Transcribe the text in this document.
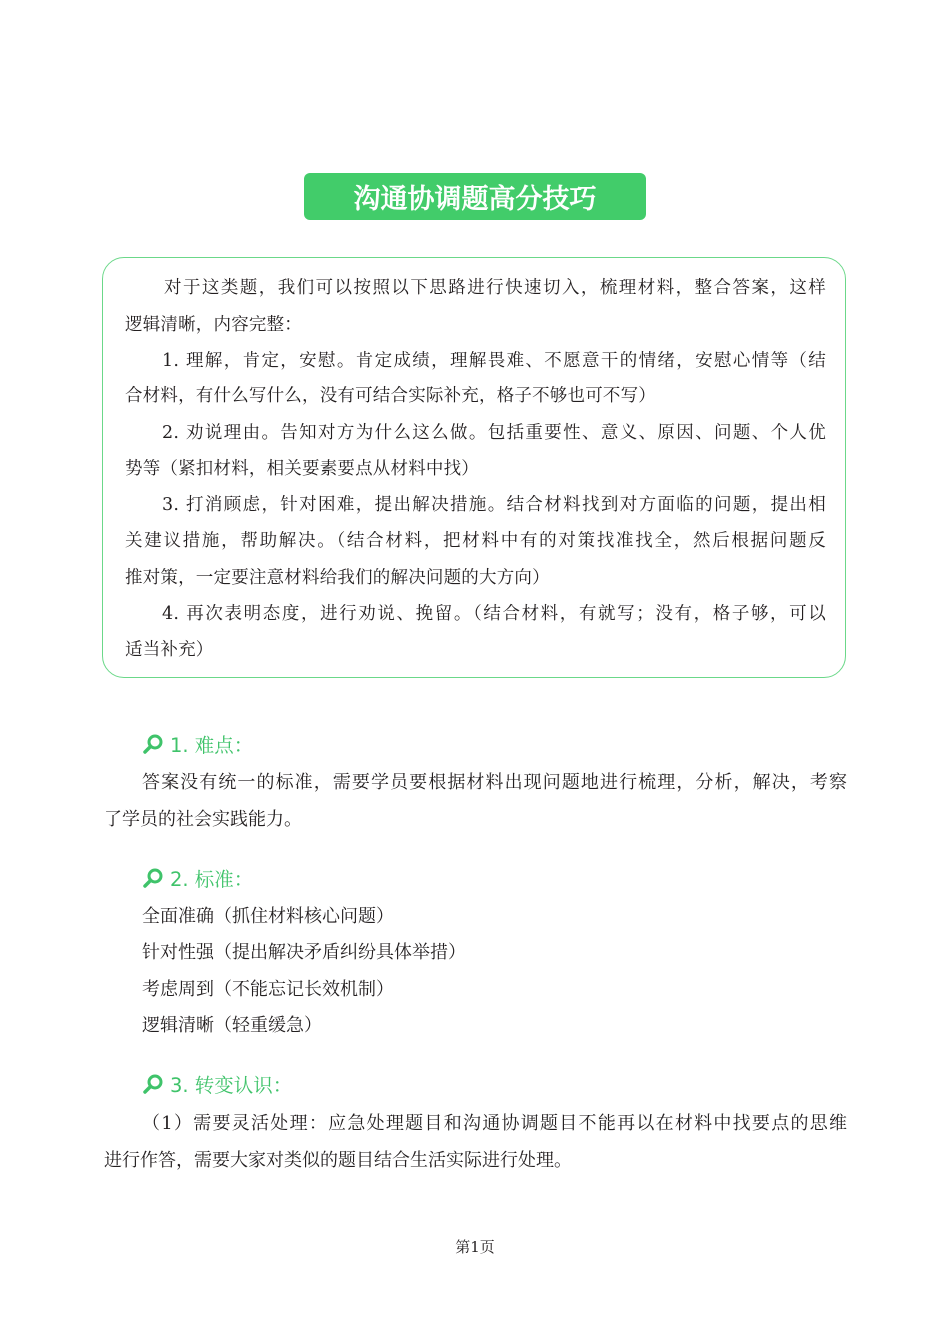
沟通协调题高分技巧
对于这类题，我们可以按照以下思路进行快速切入，梳理材料，整合答案，这样
逻辑清晰，内容完整：
1. 理解，肯定，安慰。肯定成绩，理解畏难、不愿意干的情绪，安慰心情等（结
合材料，有什么写什么，没有可结合实际补充，格子不够也可不写）
2. 劝说理由。告知对方为什么这么做。包括重要性、意义、原因、问题、个人优
势等（紧扣材料，相关要素要点从材料中找）
3. 打消顾虑，针对困难，提出解决措施。结合材料找到对方面临的问题，提出相
关建议措施，帮助解决。（结合材料，把材料中有的对策找准找全，然后根据问题反
推对策，一定要注意材料给我们的解决问题的大方向）
4. 再次表明态度，进行劝说、挽留。（结合材料，有就写；没有，格子够，可以
适当补充）
1. 难点：
答案没有统一的标准，需要学员要根据材料出现问题地进行梳理，分析，解决，考察
了学员的社会实践能力。
2. 标准：
全面准确（抓住材料核心问题）
针对性强（提出解决矛盾纠纷具体举措）
考虑周到（不能忘记长效机制）
逻辑清晰（轻重缓急）
3. 转变认识：
（1）需要灵活处理：应急处理题目和沟通协调题目不能再以在材料中找要点的思维
进行作答，需要大家对类似的题目结合生活实际进行处理。
第1页
